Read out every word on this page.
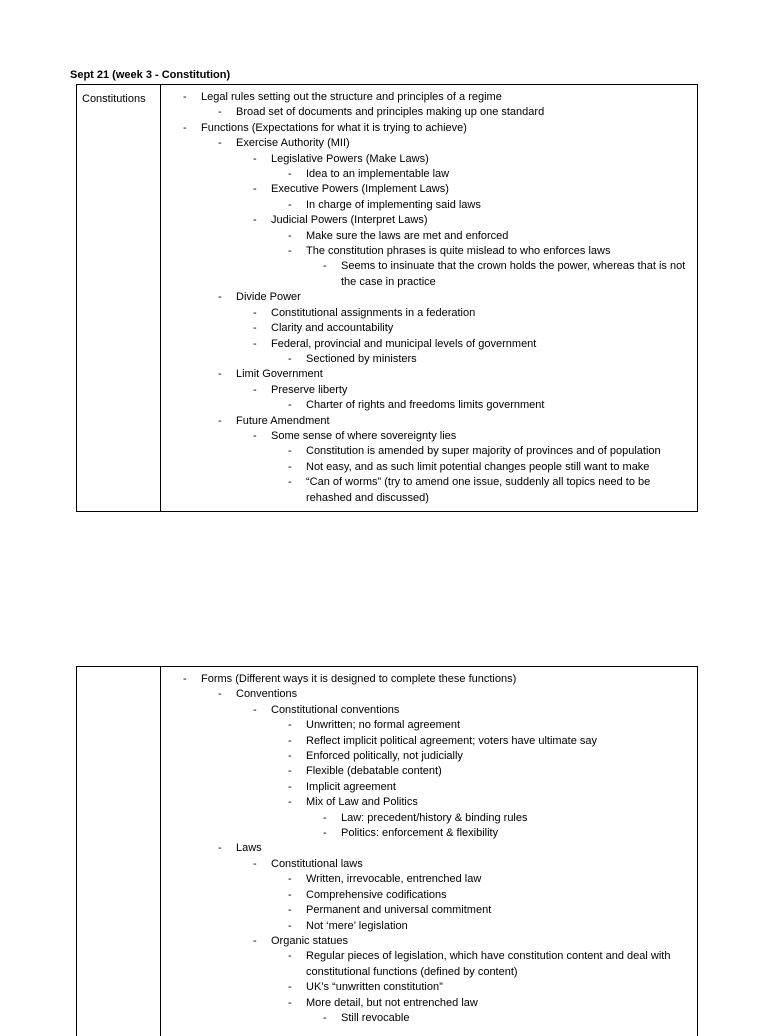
Sept 21 (week 3 - Constitution)
Constitutions	- Legal rules setting out the structure and principles of a regime
- Broad set of documents and principles making up one standard
- Functions (Expectations for what it is trying to achieve)
- Exercise Authority (MII)
- Legislative Powers (Make Laws)
- Idea to an implementable law
- Executive Powers (Implement Laws)
- In charge of implementing said laws
- Judicial Powers (Interpret Laws)
- Make sure the laws are met and enforced
- The constitution phrases is quite mislead to who enforces laws
- Seems to insinuate that the crown holds the power, whereas that is not the case in practice
- Divide Power
- Constitutional assignments in a federation
- Clarity and accountability
- Federal, provincial and municipal levels of government
- Sectioned by ministers
- Limit Government
- Preserve liberty
- Charter of rights and freedoms limits government
- Future Amendment
- Some sense of where sovereignty lies
- Constitution is amended by super majority of provinces and of population
- Not easy, and as such limit potential changes people still want to make
- “Can of worms” (try to amend one issue, suddenly all topics need to be rehashed and discussed)
- Forms (Different ways it is designed to complete these functions)
- Conventions
- Constitutional conventions
- Unwritten; no formal agreement
- Reflect implicit political agreement; voters have ultimate say
- Enforced politically, not judicially
- Flexible (debatable content)
- Implicit agreement
- Mix of Law and Politics
- Law: precedent/history & binding rules
- Politics: enforcement & flexibility
- Laws
- Constitutional laws
- Written, irrevocable, entrenched law
- Comprehensive codifications
- Permanent and universal commitment
- Not ‘mere’ legislation
- Organic statues
- Regular pieces of legislation, which have constitution content and deal with constitutional functions (defined by content)
- UK’s “unwritten constitution”
- More detail, but not entrenched law
- Still revocable
